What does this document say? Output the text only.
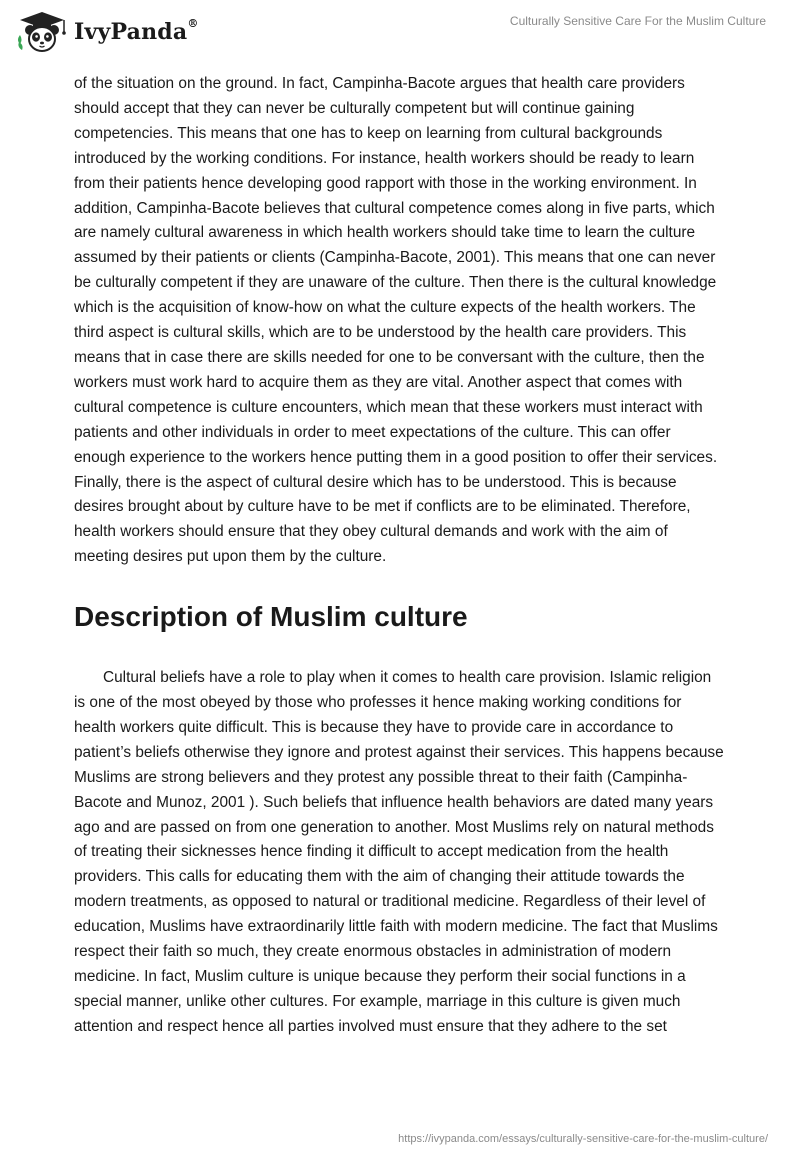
IvyPanda®	Culturally Sensitive Care For the Muslim Culture

of the situation on the ground. In fact, Campinha-Bacote argues that health care providers should accept that they can never be culturally competent but will continue gaining competencies. This means that one has to keep on learning from cultural backgrounds introduced by the working conditions. For instance, health workers should be ready to learn from their patients hence developing good rapport with those in the working environment. In addition, Campinha-Bacote believes that cultural competence comes along in five parts, which are namely cultural awareness in which health workers should take time to learn the culture assumed by their patients or clients (Campinha-Bacote, 2001). This means that one can never be culturally competent if they are unaware of the culture. Then there is the cultural knowledge which is the acquisition of know-how on what the culture expects of the health workers. The third aspect is cultural skills, which are to be understood by the health care providers. This means that in case there are skills needed for one to be conversant with the culture, then the workers must work hard to acquire them as they are vital. Another aspect that comes with cultural competence is culture encounters, which mean that these workers must interact with patients and other individuals in order to meet expectations of the culture. This can offer enough experience to the workers hence putting them in a good position to offer their services. Finally, there is the aspect of cultural desire which has to be understood. This is because desires brought about by culture have to be met if conflicts are to be eliminated. Therefore, health workers should ensure that they obey cultural demands and work with the aim of meeting desires put upon them by the culture.

Description of Muslim culture

Cultural beliefs have a role to play when it comes to health care provision. Islamic religion is one of the most obeyed by those who professes it hence making working conditions for health workers quite difficult. This is because they have to provide care in accordance to patient’s beliefs otherwise they ignore and protest against their services. This happens because Muslims are strong believers and they protest any possible threat to their faith (Campinha-Bacote and Munoz, 2001 ). Such beliefs that influence health behaviors are dated many years ago and are passed on from one generation to another. Most Muslims rely on natural methods of treating their sicknesses hence finding it difficult to accept medication from the health providers. This calls for educating them with the aim of changing their attitude towards the modern treatments, as opposed to natural or traditional medicine. Regardless of their level of education, Muslims have extraordinarily little faith with modern medicine. The fact that Muslims respect their faith so much, they create enormous obstacles in administration of modern medicine. In fact, Muslim culture is unique because they perform their social functions in a special manner, unlike other cultures. For example, marriage in this culture is given much attention and respect hence all parties involved must ensure that they adhere to the set

https://ivypanda.com/essays/culturally-sensitive-care-for-the-muslim-culture/
